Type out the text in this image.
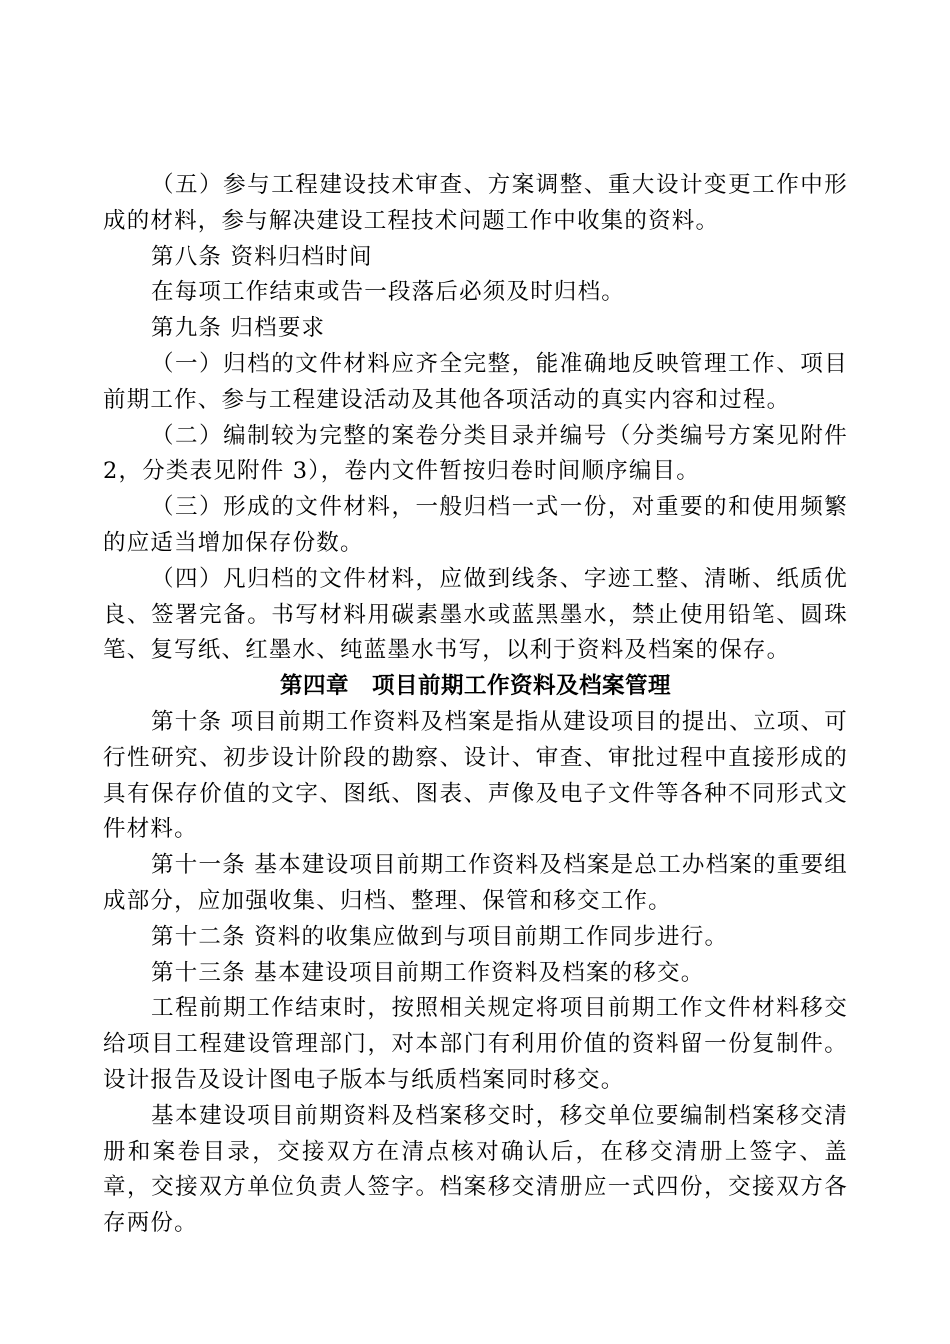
（五）参与工程建设技术审查、方案调整、重大设计变更工作中形成的材料，参与解决建设工程技术问题工作中收集的资料。

第八条 资料归档时间

在每项工作结束或告一段落后必须及时归档。

第九条 归档要求

（一）归档的文件材料应齐全完整，能准确地反映管理工作、项目前期工作、参与工程建设活动及其他各项活动的真实内容和过程。

（二）编制较为完整的案卷分类目录并编号（分类编号方案见附件 2，分类表见附件 3），卷内文件暂按归卷时间顺序编目。

（三）形成的文件材料，一般归档一式一份，对重要的和使用频繁的应适当增加保存份数。

（四）凡归档的文件材料，应做到线条、字迹工整、清晰、纸质优良、签署完备。书写材料用碳素墨水或蓝黑墨水，禁止使用铅笔、圆珠笔、复写纸、红墨水、纯蓝墨水书写，以利于资料及档案的保存。

第四章　项目前期工作资料及档案管理

第十条 项目前期工作资料及档案是指从建设项目的提出、立项、可行性研究、初步设计阶段的勘察、设计、审查、审批过程中直接形成的具有保存价值的文字、图纸、图表、声像及电子文件等各种不同形式文件材料。

第十一条 基本建设项目前期工作资料及档案是总工办档案的重要组成部分，应加强收集、归档、整理、保管和移交工作。

第十二条 资料的收集应做到与项目前期工作同步进行。

第十三条 基本建设项目前期工作资料及档案的移交。

工程前期工作结束时，按照相关规定将项目前期工作文件材料移交给项目工程建设管理部门，对本部门有利用价值的资料留一份复制件。设计报告及设计图电子版本与纸质档案同时移交。

基本建设项目前期资料及档案移交时，移交单位要编制档案移交清册和案卷目录，交接双方在清点核对确认后，在移交清册上签字、盖章，交接双方单位负责人签字。档案移交清册应一式四份，交接双方各存两份。
